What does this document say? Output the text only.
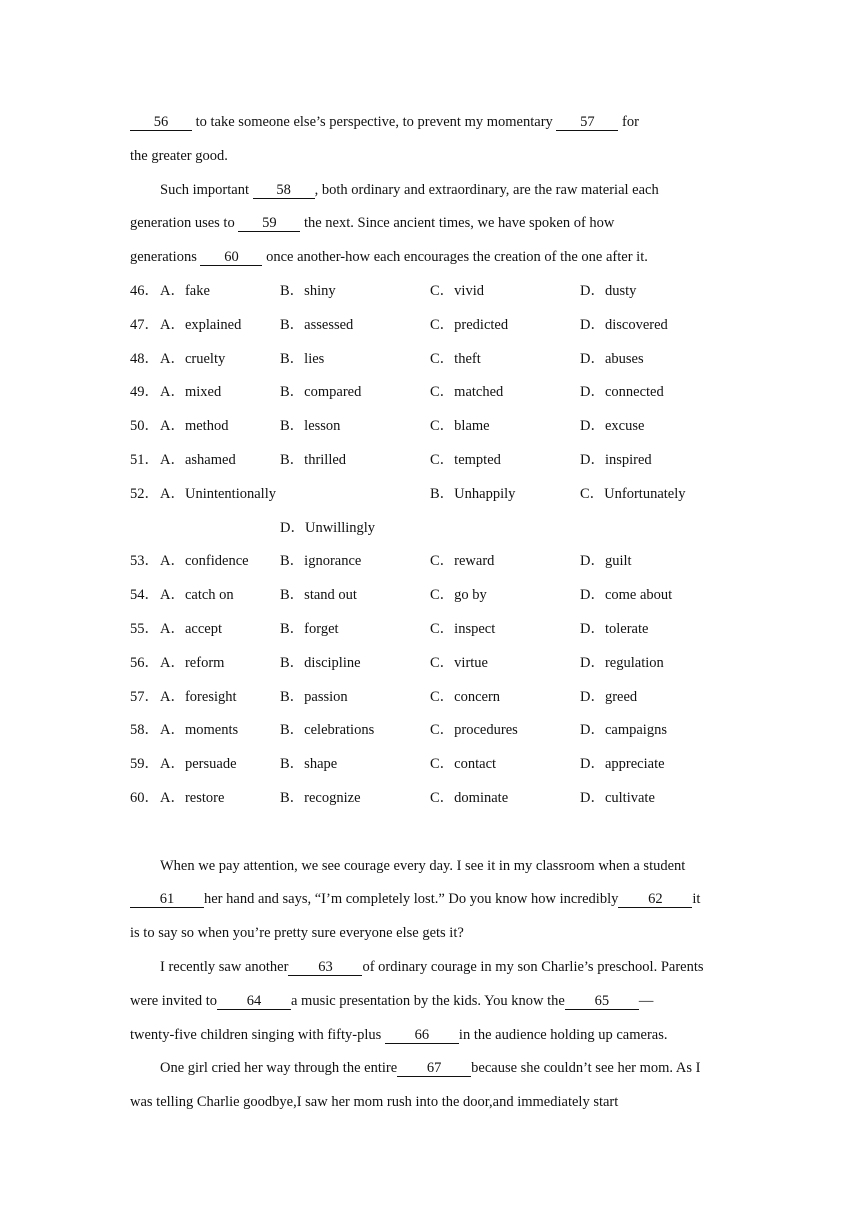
56 to take someone else’s perspective, to prevent my momentary 57 for
the greater good.
Such important 58 , both ordinary and extraordinary, are the raw material each
generation uses to 59 the next. Since ancient times, we have spoken of how
generations 60 once another-how each encourages the creation of the one after it.
46． A．fake	B．shiny	C．vivid	D．dusty
47． A．explained	B．assessed	C．predicted	D．discovered
48． A．cruelty	B．lies	C．theft	D．abuses
49． A．mixed	B．compared	C．matched	D．connected
50． A．method	B．lesson	C．blame	D．excuse
51． A．ashamed	B．thrilled	C．tempted	D．inspired
52． A．Unintentionally	B．Unhappily	C．Unfortunately
D．Unwillingly
53． A．confidence B．ignorance	C．reward	D．guilt
54． A．catch on	B．stand out	C．go by	D．come about
55． A．accept	B．forget	C．inspect	D．tolerate
56． A．reform	B．discipline	C．virtue	D．regulation
57． A．foresight	B．passion	C．concern	D．greed
58． A．moments	B．celebrations	C．procedures	D．campaigns
59． A．persuade	B．shape	C．contact	D．appreciate
60． A．restore	B．recognize	C．dominate	D．cultivate
When we pay attention, we see courage every day. I see it in my classroom when a student
61 her hand and says, “I’m completely lost.” Do you know how incredibly 62 it
is to say so when you’re pretty sure everyone else gets it?
I recently saw another 63 of ordinary courage in my son Charlie’s preschool. Parents
were invited to 64 a music presentation by the kids. You know the 65 —
twenty-five children singing with fifty-plus 66 in the audience holding up cameras.
One girl cried her way through the entire 67 because she couldn’t see her mom. As I
was telling Charlie goodbye,I saw her mom rush into the door,and immediately start
